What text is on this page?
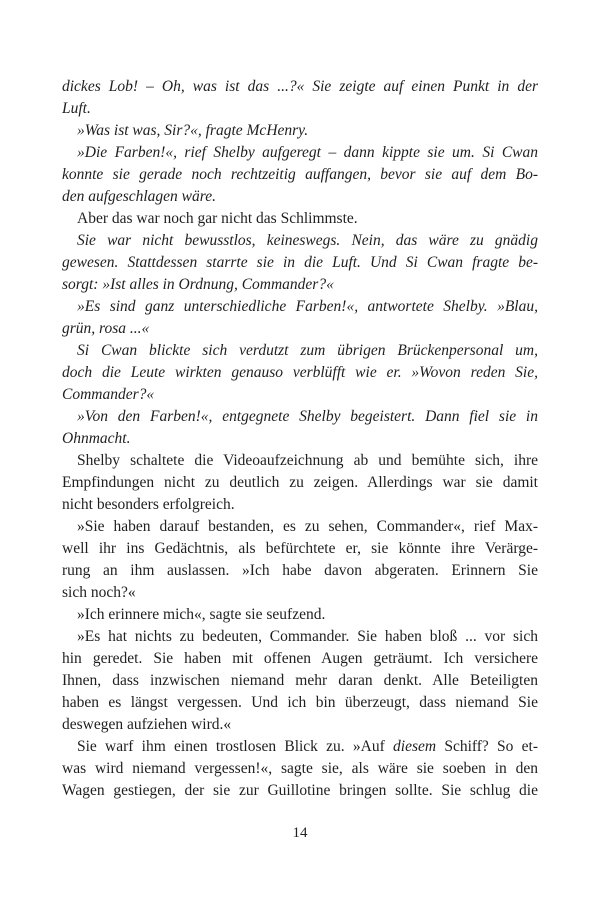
dickes Lob! – Oh, was ist das ...?« Sie zeigte auf einen Punkt in der
Luft.
»Was ist was, Sir?«, fragte McHenry.
»Die Farben!«, rief Shelby aufgeregt – dann kippte sie um. Si Cwan
konnte sie gerade noch rechtzeitig auffangen, bevor sie auf dem Bo-
den aufgeschlagen wäre.
Aber das war noch gar nicht das Schlimmste.
Sie war nicht bewusstlos, keineswegs. Nein, das wäre zu gnädig
gewesen. Stattdessen starrte sie in die Luft. Und Si Cwan fragte be-
sorgt: »Ist alles in Ordnung, Commander?«
»Es sind ganz unterschiedliche Farben!«, antwortete Shelby. »Blau,
grün, rosa ...«
Si Cwan blickte sich verdutzt zum übrigen Brückenpersonal um,
doch die Leute wirkten genauso verblüfft wie er. »Wovon reden Sie,
Commander?«
»Von den Farben!«, entgegnete Shelby begeistert. Dann fiel sie in
Ohnmacht.
Shelby schaltete die Videoaufzeichnung ab und bemühte sich, ihre
Empfindungen nicht zu deutlich zu zeigen. Allerdings war sie damit
nicht besonders erfolgreich.
»Sie haben darauf bestanden, es zu sehen, Commander«, rief Max-
well ihr ins Gedächtnis, als befürchtete er, sie könnte ihre Verärge-
rung an ihm auslassen. »Ich habe davon abgeraten. Erinnern Sie
sich noch?«
»Ich erinnere mich«, sagte sie seufzend.
»Es hat nichts zu bedeuten, Commander. Sie haben bloß ... vor sich
hin geredet. Sie haben mit offenen Augen geträumt. Ich versichere
Ihnen, dass inzwischen niemand mehr daran denkt. Alle Beteiligten
haben es längst vergessen. Und ich bin überzeugt, dass niemand Sie
deswegen aufziehen wird.«
Sie warf ihm einen trostlosen Blick zu. »Auf diesem Schiff? So et-
was wird niemand vergessen!«, sagte sie, als wäre sie soeben in den
Wagen gestiegen, der sie zur Guillotine bringen sollte. Sie schlug die
14
